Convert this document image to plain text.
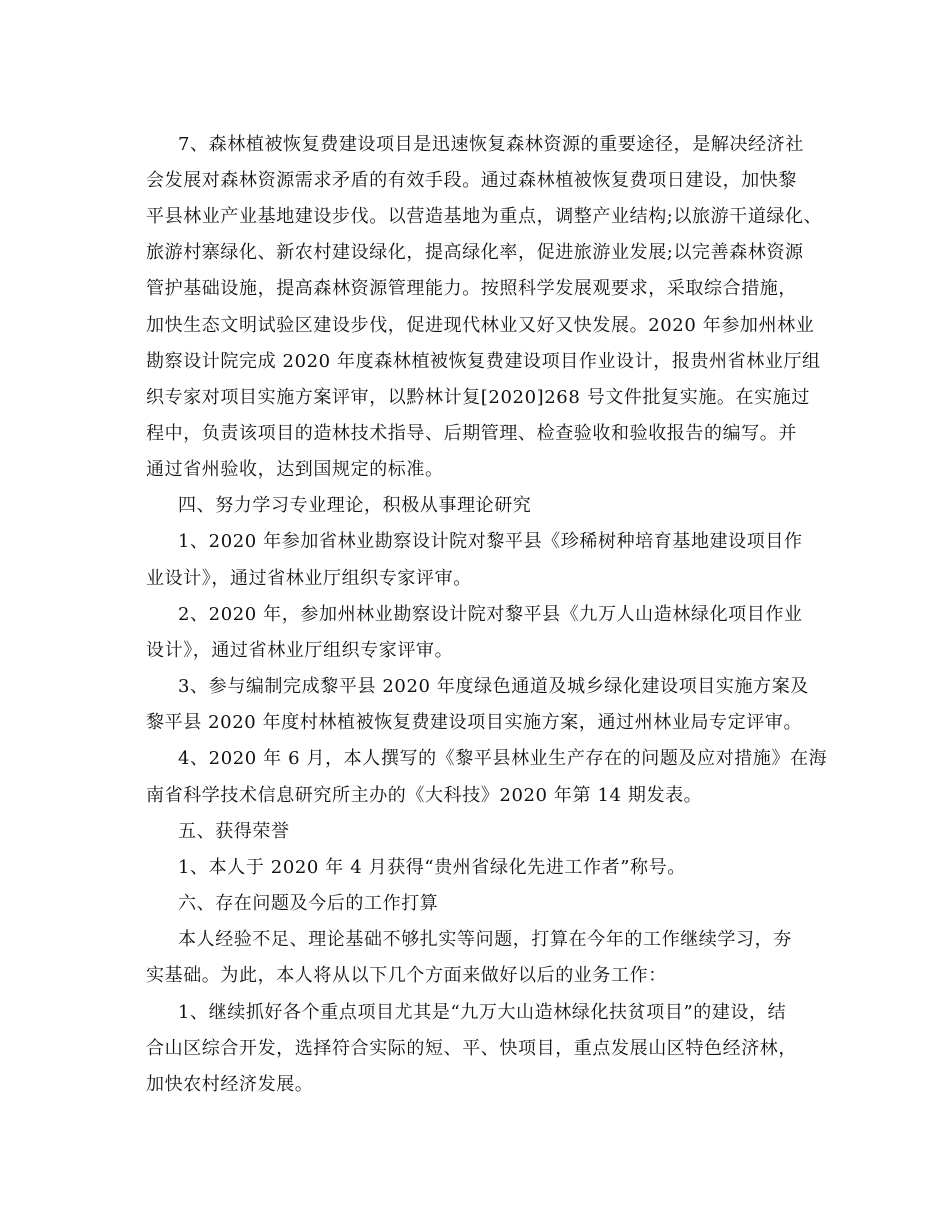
7、森林植被恢复费建设项目是迅速恢复森林资源的重要途径，是解决经济社
会发展对森林资源需求矛盾的有效手段。通过森林植被恢复费项日建设，加快黎
平县林业产业基地建设步伐。以营造基地为重点，调整产业结构;以旅游干道绿化、
旅游村寨绿化、新农村建设绿化，提高绿化率，促进旅游业发展;以完善森林资源
管护基础设施，提高森林资源管理能力。按照科学发展观要求，采取综合措施，
加快生态文明试验区建设步伐，促进现代林业又好又快发展。2020 年参加州林业
勘察设计院完成 2020 年度森林植被恢复费建设项目作业设计，报贵州省林业厅组
织专家对项目实施方案评审，以黔林计复[2020]268 号文件批复实施。在实施过
程中，负责该项目的造林技术指导、后期管理、检查验收和验收报告的编写。并
通过省州验收，达到国规定的标准。
四、努力学习专业理论，积极从事理论研究
1、2020 年参加省林业勘察设计院对黎平县《珍稀树种培育基地建设项目作
业设计》，通过省林业厅组织专家评审。
2、2020 年，参加州林业勘察设计院对黎平县《九万人山造林绿化项目作业
设计》，通过省林业厅组织专家评审。
3、参与编制完成黎平县 2020 年度绿色通道及城乡绿化建设项目实施方案及
黎平县 2020 年度村林植被恢复费建设项目实施方案，通过州林业局专定评审。
4、2020 年 6 月，本人撰写的《黎平县林业生产存在的问题及应对措施》在海
南省科学技术信息研究所主办的《大科技》2020 年第 14 期发表。
五、获得荣誉
1、本人于 2020 年 4 月获得“贵州省绿化先进工作者”称号。
六、存在问题及今后的工作打算
本人经验不足、理论基础不够扎实等问题，打算在今年的工作继续学习，夯
实基础。为此，本人将从以下几个方面来做好以后的业务工作：
1、继续抓好各个重点项目尤其是“九万大山造林绿化扶贫项目”的建设，结
合山区综合开发，选择符合实际的短、平、快项目，重点发展山区特色经济林，
加快农村经济发展。
